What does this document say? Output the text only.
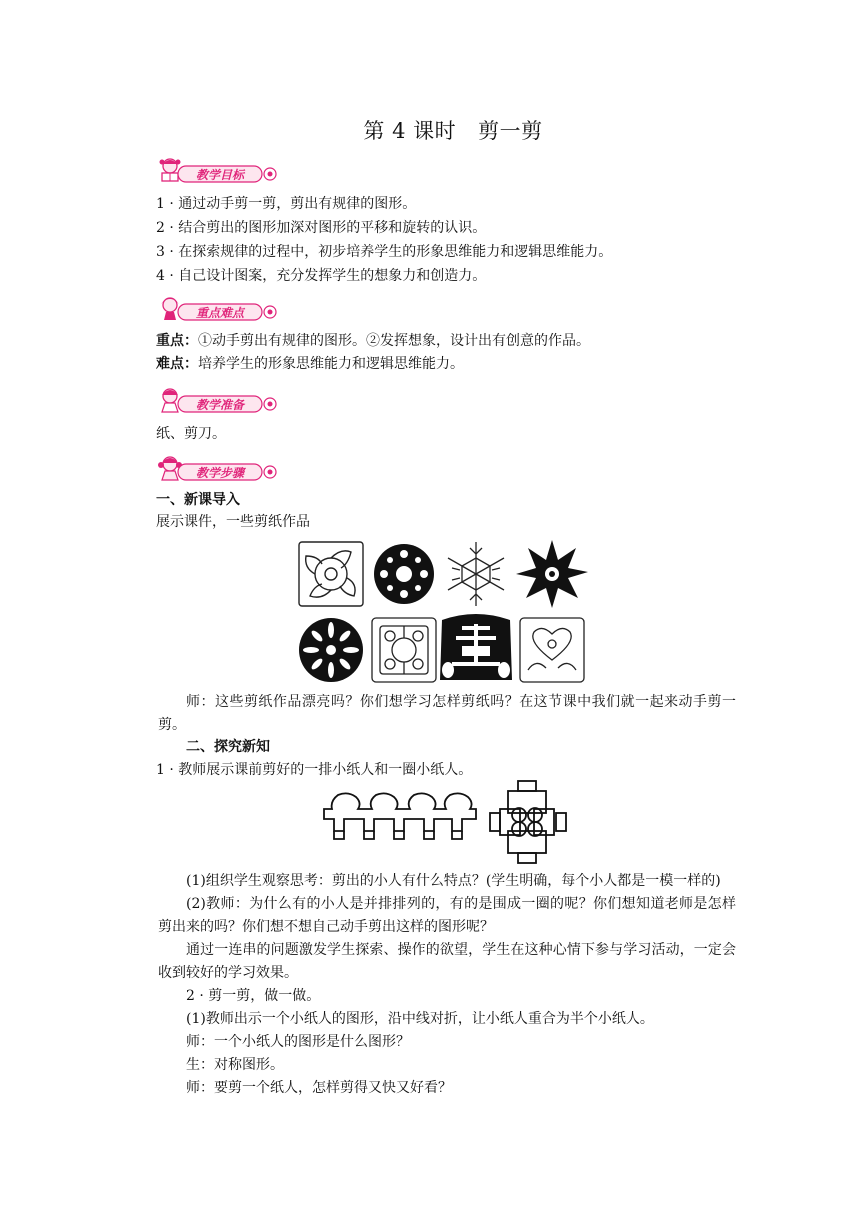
第 4 课时 剪一剪
教学目标
1 · 通过动手剪一剪，剪出有规律的图形。
2 · 结合剪出的图形加深对图形的平移和旋转的认识。
3 · 在探索规律的过程中，初步培养学生的形象思维能力和逻辑思维能力。
4 · 自己设计图案，充分发挥学生的想象力和创造力。
重点难点
重点：①动手剪出有规律的图形。②发挥想象，设计出有创意的作品。
难点：培养学生的形象思维能力和逻辑思维能力。
教学准备
纸、剪刀。
教学步骤
一、新课导入
展示课件，一些剪纸作品
师：这些剪纸作品漂亮吗？你们想学习怎样剪纸吗？在这节课中我们就一起来动手剪一剪。
二、探究新知
1 · 教师展示课前剪好的一排小纸人和一圈小纸人。
(1)组织学生观察思考：剪出的小人有什么特点？(学生明确，每个小人都是一模一样的)
(2)教师：为什么有的小人是并排排列的，有的是围成一圈的呢？你们想知道老师是怎样剪出来的吗？你们想不想自己动手剪出这样的图形呢？
通过一连串的问题激发学生探索、操作的欲望，学生在这种心情下参与学习活动，一定会收到较好的学习效果。
2 · 剪一剪，做一做。
(1)教师出示一个小纸人的图形，沿中线对折，让小纸人重合为半个小纸人。
师：一个小纸人的图形是什么图形？
生：对称图形。
师：要剪一个纸人，怎样剪得又快又好看？
